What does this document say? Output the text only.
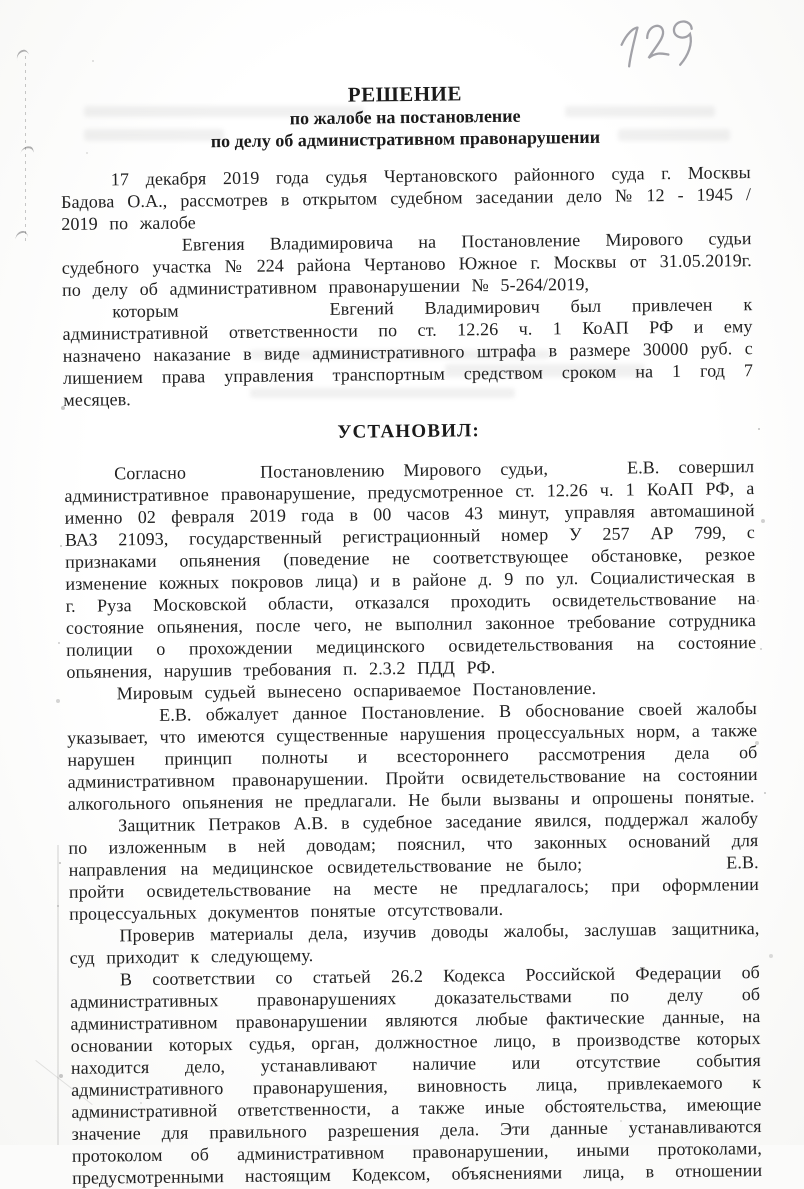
РЕШЕНИЕ
по жалобе на постановление
по делу об административном правонарушении

17 декабря 2019 года судья Чертановского районного суда г. Москвы Бадова О.А., рассмотрев в открытом судебном заседании дело № 12 - 1945 / 2019 по жалобе

Евгения Владимировича на Постановление Мирового судьи судебного участка № 224 района Чертаново Южное г. Москвы от 31.05.2019г. по делу об административном правонарушении № 5-264/2019,

которым	Евгений Владимирович был привлечен к административной ответственности по ст. 12.26 ч. 1 КоАП РФ и ему назначено наказание в виде административного штрафа в размере 30000 руб. с лишением права управления транспортным средством сроком на 1 год 7 месяцев.

УСТАНОВИЛ:

Согласно	Постановлению Мирового судьи,	Е.В. совершил административное правонарушение, предусмотренное ст. 12.26 ч. 1 КоАП РФ, а именно 02 февраля 2019 года в 00 часов 43 минут, управляя автомашиной ВАЗ 21093, государственный регистрационный номер У 257 АР 799, с признаками опьянения (поведение не соответствующее обстановке, резкое изменение кожных покровов лица) и в районе д. 9 по ул. Социалистическая в г. Руза Московской области, отказался проходить освидетельствование на состояние опьянения, после чего, не выполнил законное требование сотрудника полиции о прохождении медицинского освидетельствования на состояние опьянения, нарушив требования п. 2.3.2 ПДД РФ.

Мировым судьей вынесено оспариваемое Постановление.

Е.В. обжалует данное Постановление. В обоснование своей жалобы указывает, что имеются существенные нарушения процессуальных норм, а также нарушен принцип полноты и всестороннего рассмотрения дела об административном правонарушении. Пройти освидетельствование на состоянии алкогольного опьянения не предлагали. Не были вызваны и опрошены понятые.

Защитник Петраков А.В. в судебное заседание явился, поддержал жалобу по изложенным в ней доводам; пояснил, что законных оснований для направления на медицинское освидетельствование не было;	Е.В. пройти освидетельствование на месте не предлагалось; при оформлении процессуальных документов понятые отсутствовали.

Проверив материалы дела, изучив доводы жалобы, заслушав защитника, суд приходит к следующему.

В соответствии со статьей 26.2 Кодекса Российской Федерации об административных правонарушениях доказательствами по делу об административном правонарушении являются любые фактические данные, на основании которых судья, орган, должностное лицо, в производстве которых находится дело, устанавливают наличие или отсутствие события административного правонарушения, виновность лица, привлекаемого к административной ответственности, а также иные обстоятельства, имеющие значение для правильного разрешения дела. Эти данные устанавливаются протоколом об административном правонарушении, иными протоколами, предусмотренными настоящим Кодексом, объяснениями лица, в отношении
